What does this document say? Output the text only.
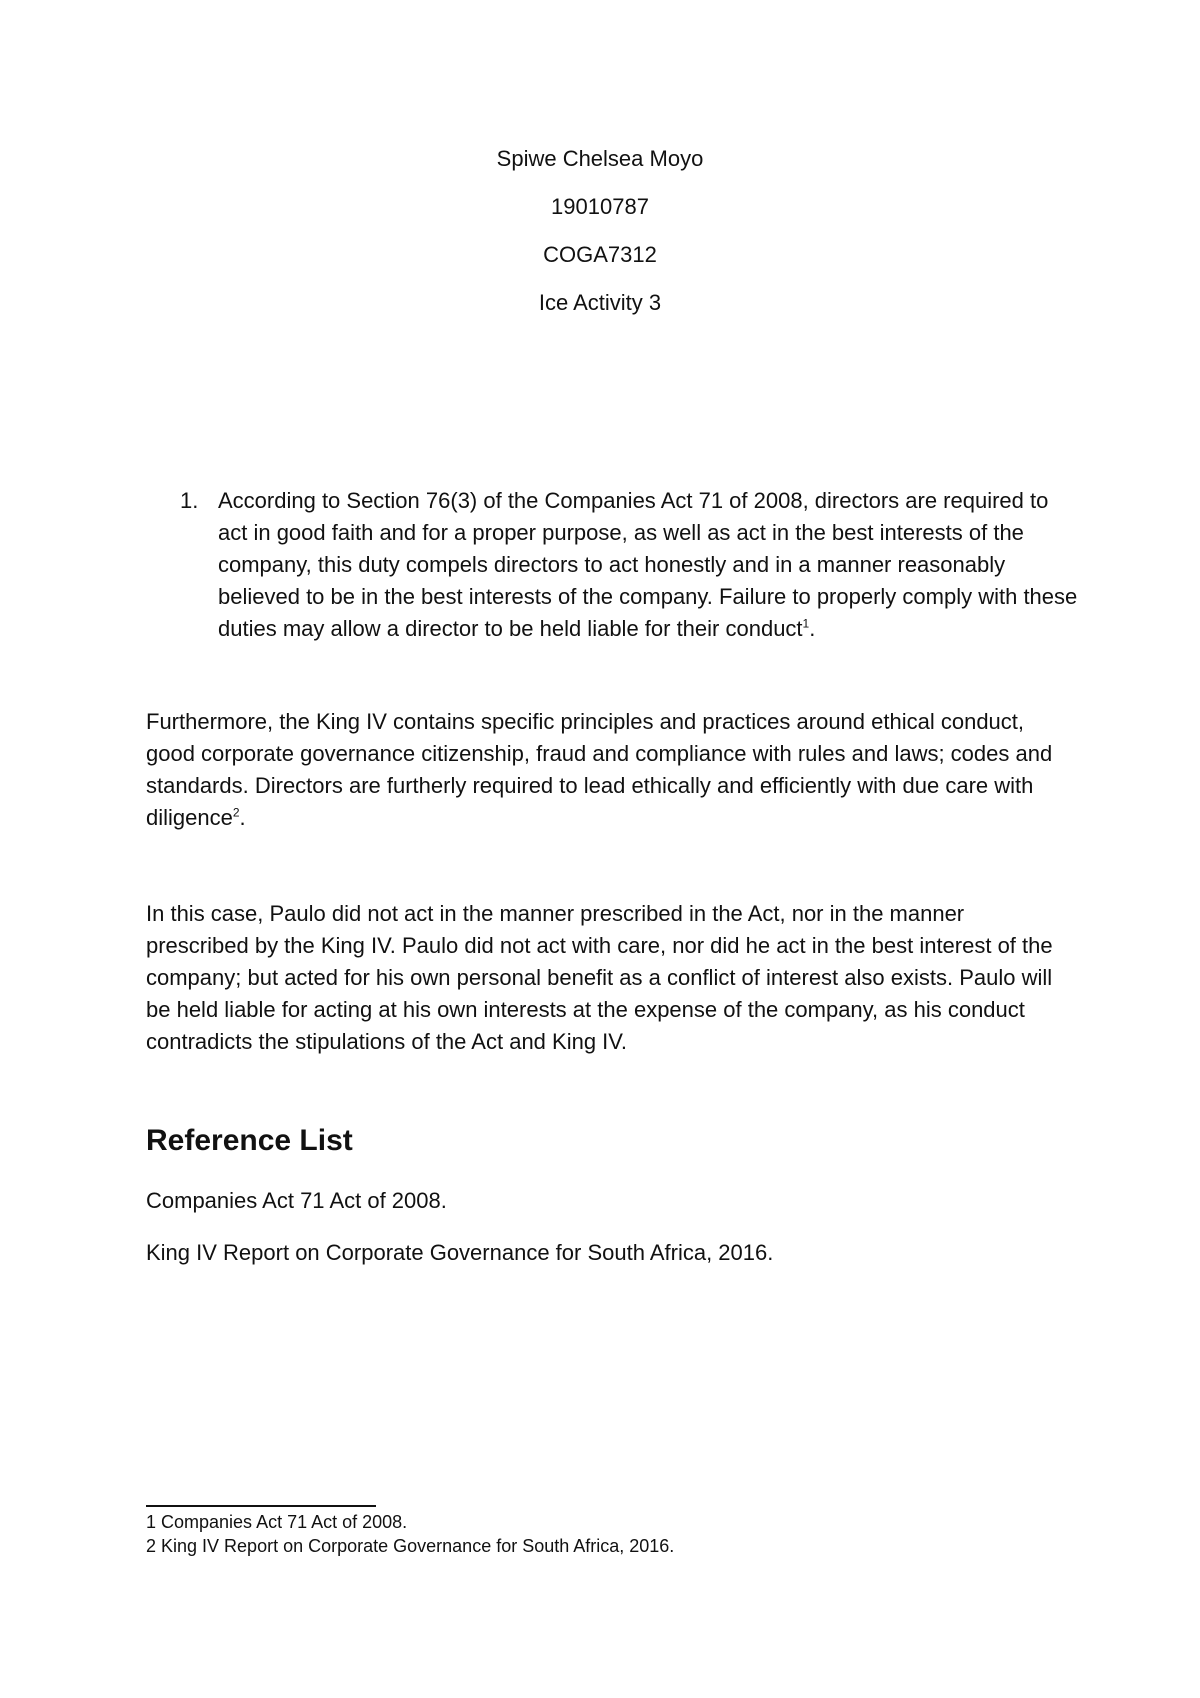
Spiwe Chelsea Moyo
19010787
COGA7312
Ice Activity 3
1. According to Section 76(3) of the Companies Act 71 of 2008, directors are required to act in good faith and for a proper purpose, as well as act in the best interests of the company, this duty compels directors to act honestly and in a manner reasonably believed to be in the best interests of the company. Failure to properly comply with these duties may allow a director to be held liable for their conduct$^1$.
Furthermore, the King IV contains specific principles and practices around ethical conduct, good corporate governance citizenship, fraud and compliance with rules and laws; codes and standards. Directors are furtherly required to lead ethically and efficiently with due care with diligence$^2$.
In this case, Paulo did not act in the manner prescribed in the Act, nor in the manner prescribed by the King IV. Paulo did not act with care, nor did he act in the best interest of the company; but acted for his own personal benefit as a conflict of interest also exists. Paulo will be held liable for acting at his own interests at the expense of the company, as his conduct contradicts the stipulations of the Act and King IV.
Reference List
Companies Act 71 Act of 2008.
King IV Report on Corporate Governance for South Africa, 2016.
1 Companies Act 71 Act of 2008.
2 King IV Report on Corporate Governance for South Africa, 2016.
